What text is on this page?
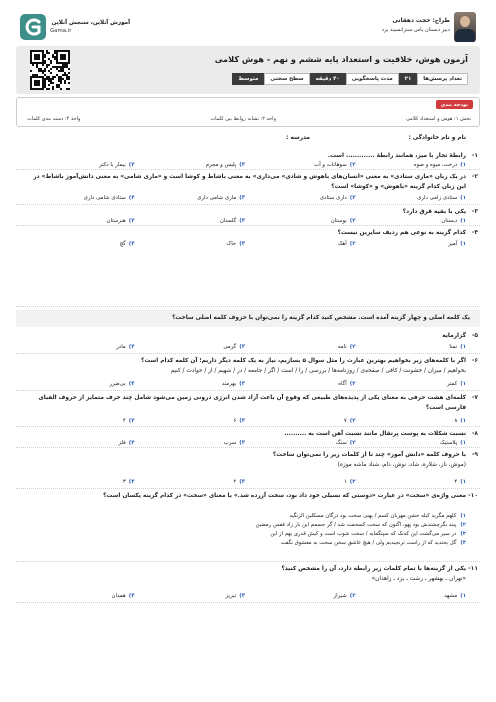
آموزش آنلاین، سنجش آنلاین
Gama.ir
طراح: حجت دهقانی
دبیر دبستان یاس سنزانسیبد یزد
آزمون هوش، خلاقیت و استعداد پایه ششم و نهم - هوش کلامی
تعداد پرسش‌ها
۲۱
مدت پاسخگویی
۴۰ دقیقه
سطح سختی
متوسط
بودجه بندی
بخش ۱: هوش و استعداد کلامی
واحد ۲: تشابه روابط بین کلمات
واحد ۴: دسته بندی کلمات
نام و نام خانوادگی :
مدرسه :
۱-
رابطهٔ تجار با میز، همانند رابطهٔ ............. است.
۱)
درخت، میوه و صوه
۲)
سوهانات و آب
۳)
پلیس و مجرم
۴)
بیمار با دکتر
۲-
در یک زبان «ماری ستادی» به معنی «انسان‌های باهوش و شادی» می‌داری» به معنی باشاط و کوشا است و «ماری شامی» به معنی دانش‌آموز باشاط» در این زبان کدام گزینه «باهوش» و «کوشا» است؟
۱)
ستادی زامی داری
۲)
داری ستادی
۳)
ماری شامی داری
۴)
ستادی شامی داری
۳-
یکی با بقیه فرق دارد؟
۱)
دبستان
۲)
بوستان
۳)
گلستان
۴)
هنرستان
۴-
کدام گزینه به نوعی هم ردیف سایرین نیست؟
۱)
آمیر
۲)
آهک
۳)
خاک
۴)
گچ
۵-
گزارمایه
۱)
نمنا
۲)
نامه
۳)
گرمی
۴)
مادر
۶-
اگر با کلمه‌های زیر بخواهیم بهترین عبارت را مثل سوال ۵ بسازیم، نیاز به یک کلمه دیگر داریم؛ آن کلمه کدام است؟
بخواهیم / میزان / خشونت / کافی / صفحه‌ی / روزنامه‌ها / بررسی / را / است / اگر / جامعه / در / شهیم / از / حوادث / کنیم
۱)
کمتر
۲)
آگاه
۳)
بهرمند
۴)
بی‌ضرر
۷-
کلمه‌ای هشت حرفی به معنای یکی از پدیده‌های طبیعی که وقوع آن باعث آزاد شدن انرژی درونی زمین می‌شود شامل چند حرف متمایز از حروف الفبای فارسی است؟
۱)
۸
۲)
۷
۳)
۶
۴)
۴
۸-
نسبت شکلات به پوست پرتقال مانند نسبت آهن است به ..........
۱)
پلاستیک
۲)
سنگ
۳)
سرب
۴)
فلز
۹-
با حروف کلمه «دانش آموز» چند تا از کلمات زیر را نمی‌توان ساخت؟
(موش، ناز، شلاره، شاد، نوش، دام، شناد ماشه موزه)
۱)
۴
۲)
۱
۳)
۲
۴)
۳
۱۰-
معنی واژه‌ی «سخت» در عبارت «دوستی که نسیلی خود داد بود، سخت آزرده شد.» با معنای «سخت» در کدام گزینه یکسان است؟
۱)
کلهم مگرید کیله خشن مهربان کسم / پهنی سخت بود درگان مسکلین الزنگید
۲)
پیند بگرچشندش بود پهو، اگنون که سخت کسحمت شد / گر جسمم این بار زاد قفس رمضین
۳)
در سیر می‌گشت این که‌نک که سپنگمایه / سخت شوب است و کیش قدری بهم از این
۴)
گل بخندید که از راست ترنجیدیم ولی / هیچ عاشق سخن سخت به معشوق نگفت
۱۱-
یکی از گزینه‌ها با تمام کلمات زیر رابطه دارد، آن را مشخص کنید؟
«تهران ـ بهشهر ـ رشت ـ یزد ـ زاهدان»
۱)
مشهد
۲)
شیراز
۳)
تبریز
۴)
همدان
یک کلمه اصلی و چهار گزینه آمده است. مشخص کنید کدام گزینه را نمی‌توان با حروف کلمه اصلی ساخت؟
